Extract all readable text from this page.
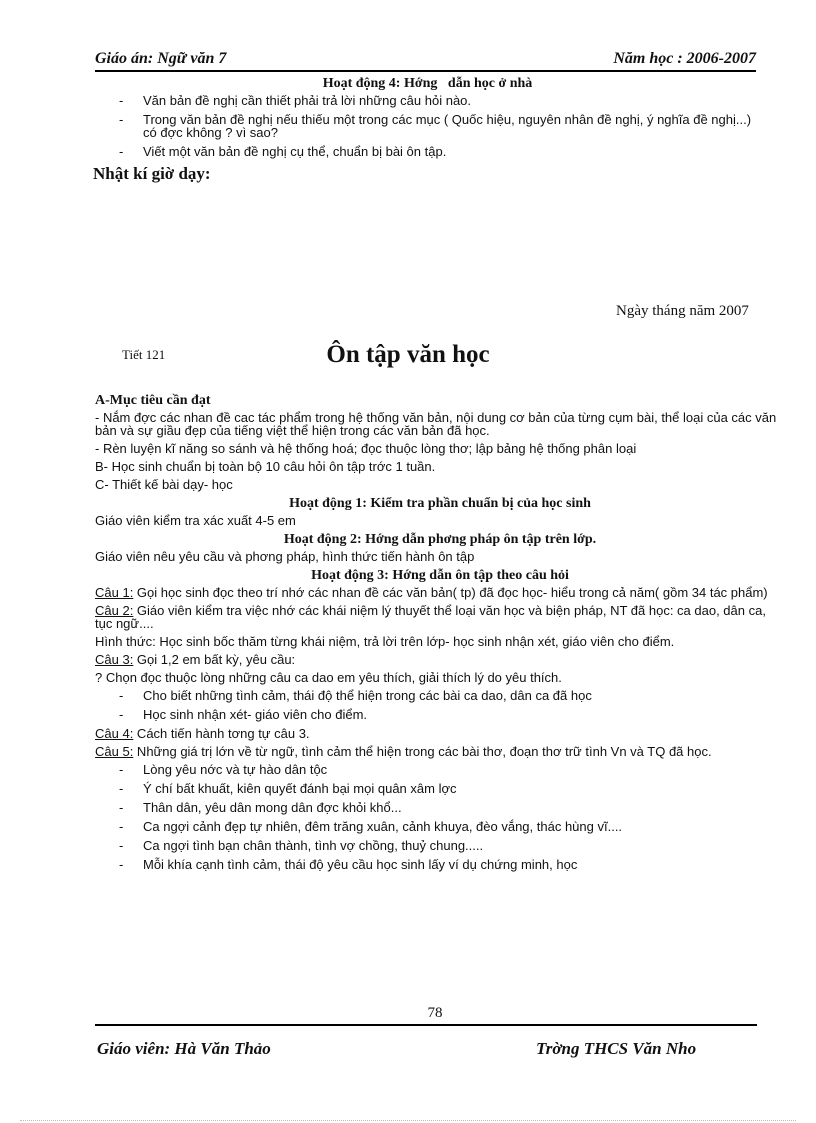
Giáo án: Ngữ văn 7	Năm học : 2006-2007
Hoạt động 4: Hớng dẫn học ở nhà
- Văn bản đề nghị cần thiết phải trả lời những câu hỏi nào.
- Trong văn bản đề nghị nếu thiếu một trong các mục ( Quốc hiệu, nguyên nhân đề nghị, ý nghĩa đề nghị...) có đợc không ? vì sao?
- Viết một văn bản đề nghị cụ thể, chuẩn bị bài ôn tập.
Nhật kí giờ dạy:
Ngày tháng năm 2007
Tiết 121	Ôn tập văn học
A-Mục tiêu cần đạt

- Nắm đợc các nhan đề cac tác phẩm trong hệ thống văn bản, nội dung cơ bản của từng cụm bài, thể loại của các văn bản và sự giầu đẹp của tiếng việt thể hiện trong các văn bản đã học.

- Rèn luyện kĩ năng so sánh và hệ thống hoá; đọc thuộc lòng thơ; lập bảng hệ thống phân loại

B- Học sinh chuẩn bị toàn bộ 10 câu hỏi ôn tập trớc 1 tuần.

C- Thiết kế bài dạy- học

Hoạt động 1: Kiểm tra phần chuẩn bị của học sinh

Giáo viên kiểm tra xác xuất 4-5 em

Hoạt động 2: Hớng dẫn phơng pháp ôn tập trên lớp.

Giáo viên nêu yêu cầu và phơng pháp, hình thức tiến hành ôn tập

Hoạt động 3: Hớng dẫn ôn tập theo câu hỏi

Câu 1: Gọi học sinh đọc theo trí nhớ các nhan đề các văn bản( tp) đã đọc học- hiểu trong cả năm( gồm 34 tác phẩm)

Câu 2: Giáo viên kiểm tra việc nhớ các khái niệm lý thuyết thể loại văn học và biện pháp, NT đã học: ca dao, dân ca, tục ngữ....

Hình thức: Học sinh bốc thăm từng khái niệm, trả lời trên lớp- học sinh nhận xét, giáo viên cho điểm.

Câu 3: Gọi 1,2 em bất kỳ, yêu cầu:

? Chọn đọc thuộc lòng những câu ca dao em yêu thích, giải thích lý do yêu thích.

- Cho biết những tình cảm, thái độ thể hiện trong các bài ca dao, dân ca đã học
- Học sinh nhận xét- giáo viên cho điểm.

Câu 4: Cách tiến hành tơng tự câu 3.

Câu 5: Những giá trị lớn về từ ngữ, tình cảm thể hiện trong các bài thơ, đoạn thơ trữ tình Vn và TQ đã học.

- Lòng yêu nớc và tự hào dân tộc
- Ý chí bất khuất, kiên quyết đánh bại mọi quân xâm lợc
- Thân dân, yêu dân mong dân đợc khỏi khổ...
- Ca ngợi cảnh đẹp tự nhiên, đêm trăng xuân, cảnh khuya, đèo vắng, thác hùng vĩ....
- Ca ngợi tình bạn chân thành, tình vợ chồng, thuỷ chung.....
- Mỗi khía cạnh tình cảm, thái độ yêu cầu học sinh lấy ví dụ chứng minh, học
78
Giáo viên: Hà Văn Thảo	Trờng THCS Văn Nho
